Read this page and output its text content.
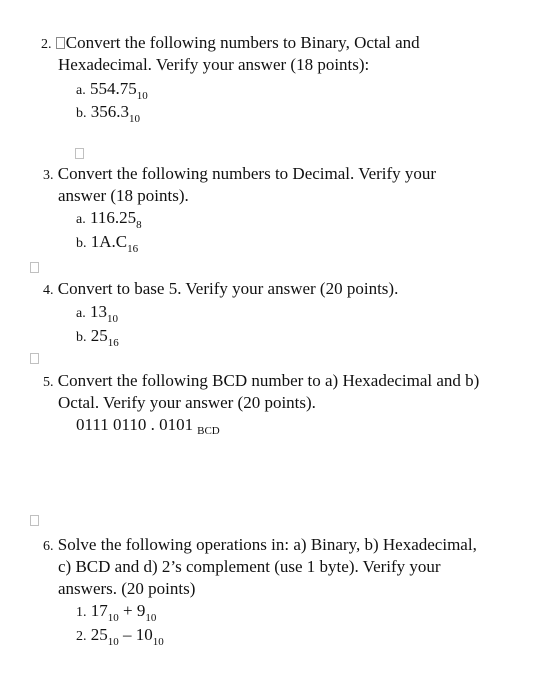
2. Convert the following numbers to Binary, Octal and
Hexadecimal. Verify your answer (18 points):
a. $554.75_{10}$
b. $356.3_{10}$
3. Convert the following numbers to Decimal. Verify your
answer (18 points).
a. $116.25_8$
b. $1A.C_{16}$
4. Convert to base 5. Verify your answer (20 points).
a. $13_{10}$
b. $25_{16}$
5. Convert the following BCD number to a) Hexadecimal and b)
Octal. Verify your answer (20 points).
0111 0110 . 0101 $_{BCD}$
6. Solve the following operations in: a) Binary, b) Hexadecimal,
c) BCD and d) 2’s complement (use 1 byte). Verify your
answers. (20 points)
1. $17_{10} + 9_{10}$
2. $25_{10} - 10_{10}$
